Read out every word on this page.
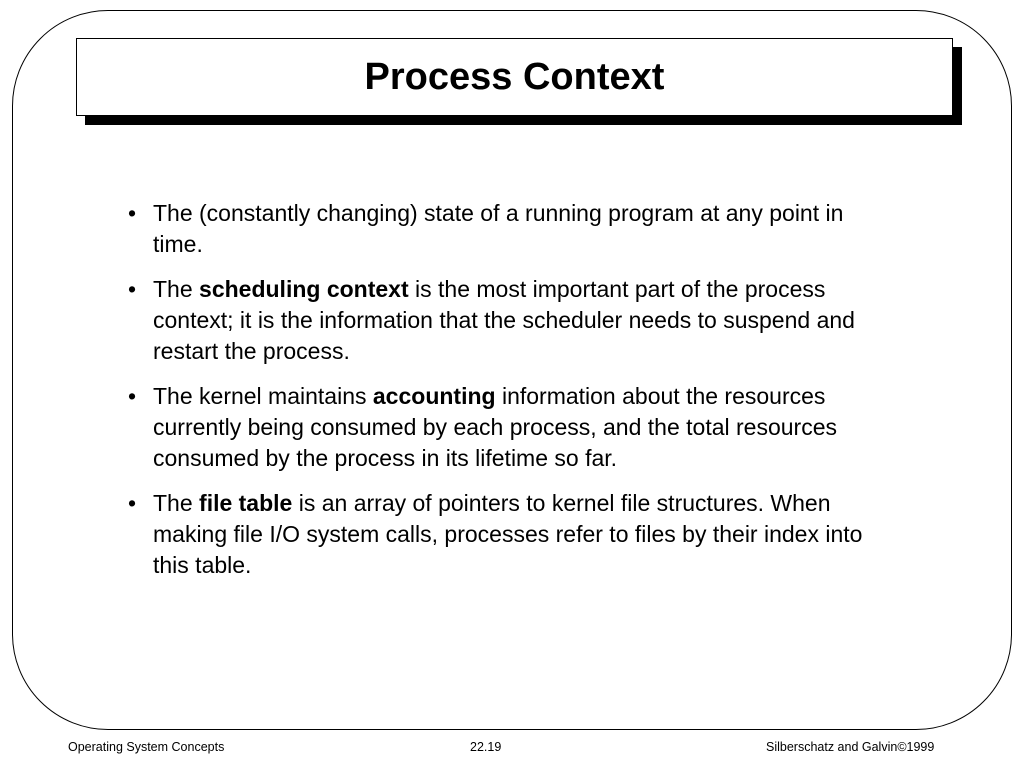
Process Context
• The (constantly changing) state of a running program at any point in time.
• The scheduling context is the most important part of the process context; it is the information that the scheduler needs to suspend and restart the process.
• The kernel maintains accounting information about the resources currently being consumed by each process, and the total resources consumed by the process in its lifetime so far.
• The file table is an array of pointers to kernel file structures. When making file I/O system calls, processes refer to files by their index into this table.
Operating System Concepts	22.19	Silberschatz and Galvin©1999
